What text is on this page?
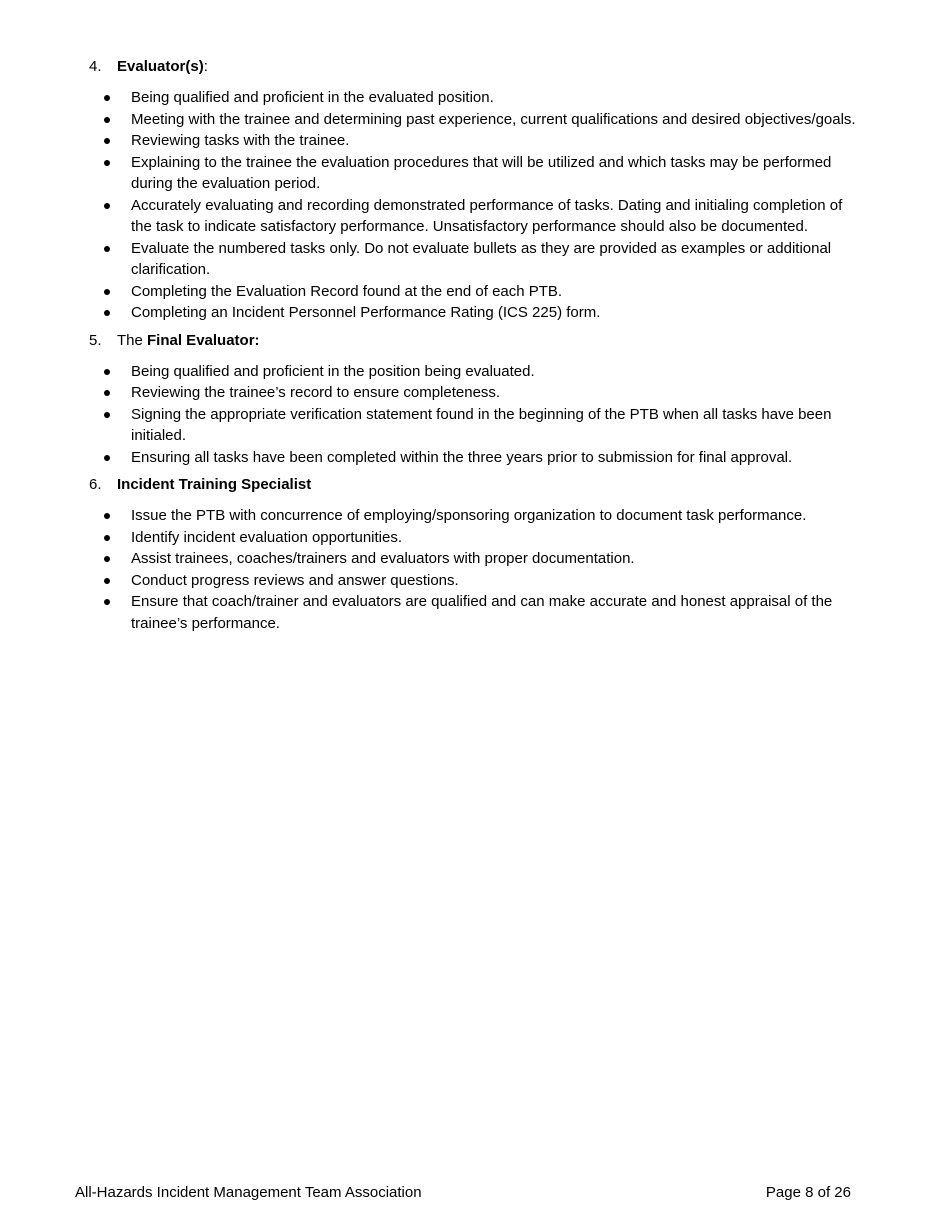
4. Evaluator(s):
Being qualified and proficient in the evaluated position.
Meeting with the trainee and determining past experience, current qualifications and desired objectives/goals.
Reviewing tasks with the trainee.
Explaining to the trainee the evaluation procedures that will be utilized and which tasks may be performed during the evaluation period.
Accurately evaluating and recording demonstrated performance of tasks. Dating and initialing completion of the task to indicate satisfactory performance. Unsatisfactory performance should also be documented.
Evaluate the numbered tasks only. Do not evaluate bullets as they are provided as examples or additional clarification.
Completing the Evaluation Record found at the end of each PTB.
Completing an Incident Personnel Performance Rating (ICS 225) form.
5. The Final Evaluator:
Being qualified and proficient in the position being evaluated.
Reviewing the trainee’s record to ensure completeness.
Signing the appropriate verification statement found in the beginning of the PTB when all tasks have been initialed.
Ensuring all tasks have been completed within the three years prior to submission for final approval.
6. Incident Training Specialist
Issue the PTB with concurrence of employing/sponsoring organization to document task performance.
Identify incident evaluation opportunities.
Assist trainees, coaches/trainers and evaluators with proper documentation.
Conduct progress reviews and answer questions.
Ensure that coach/trainer and evaluators are qualified and can make accurate and honest appraisal of the trainee’s performance.
All-Hazards Incident Management Team Association	Page 8 of 26
